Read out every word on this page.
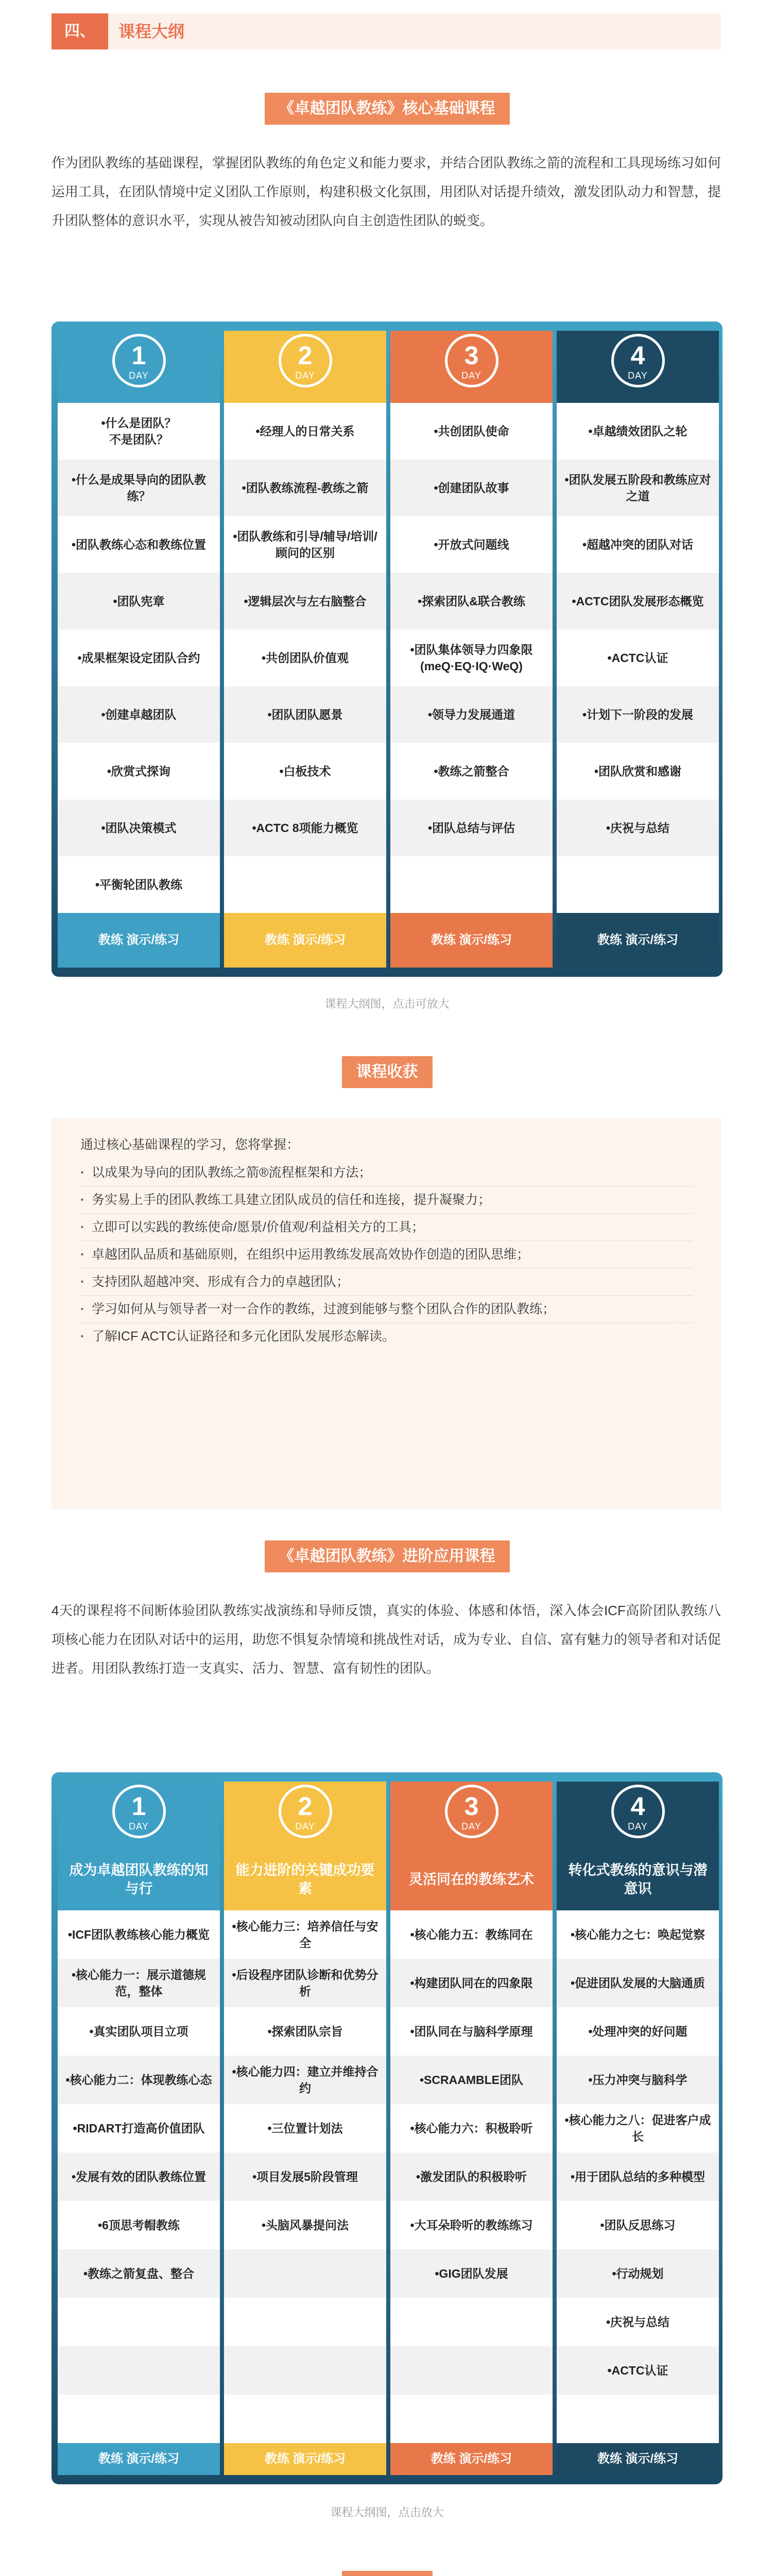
四、	课程大纲
《卓越团队教练》核心基础课程
作为团队教练的基础课程，掌握团队教练的角色定义和能力要求，并结合团队教练之箭的流程和工具现场练习如何运用工具，在团队情境中定义团队工作原则，构建积极文化氛围，用团队对话提升绩效，激发团队动力和智慧，提升团队整体的意识水平，实现从被告知被动团队向自主创造性团队的蜕变。
1
DAY
•什么是团队？
不是团队？
•什么是成果导向的团队教练？
•团队教练心态和教练位置
•团队宪章
•成果框架设定团队合约
•创建卓越团队
•欣赏式探询
•团队决策模式
•平衡轮团队教练
教练 演示/练习
2
DAY
•经理人的日常关系
•团队教练流程-教练之箭
•团队教练和引导/辅导/培训/顾问的区别
•逻辑层次与左右脑整合
•共创团队价值观
•团队团队愿景
•白板技术
•ACTC 8项能力概览
教练 演示/练习
3
DAY
•共创团队使命
•创建团队故事
•开放式问题线
•探索团队&联合教练
•团队集体领导力四象限(meQ·EQ·IQ·WeQ)
•领导力发展通道
•教练之箭整合
•团队总结与评估
教练 演示/练习
4
DAY
•卓越绩效团队之轮
•团队发展五阶段和教练应对之道
•超越冲突的团队对话
•ACTC团队发展形态概览
•ACTC认证
•计划下一阶段的发展
•团队欣赏和感谢
•庆祝与总结
教练 演示/练习
课程大纲图，点击可放大
课程收获
通过核心基础课程的学习，您将掌握：
· 以成果为导向的团队教练之箭®流程框架和方法；
· 务实易上手的团队教练工具建立团队成员的信任和连接，提升凝聚力；
· 立即可以实践的教练使命/愿景/价值观/利益相关方的工具；
· 卓越团队品质和基础原则，在组织中运用教练发展高效协作创造的团队思维；
· 支持团队超越冲突、形成有合力的卓越团队；
· 学习如何从与领导者一对一合作的教练，过渡到能够与整个团队合作的团队教练；
· 了解ICF ACTC认证路径和多元化团队发展形态解读。
《卓越团队教练》进阶应用课程
4天的课程将不间断体验团队教练实战演练和导师反馈，真实的体验、体感和体悟，深入体会ICF高阶团队教练八项核心能力在团队对话中的运用，助您不惧复杂情境和挑战性对话，成为专业、自信、富有魅力的领导者和对话促进者。用团队教练打造一支真实、活力、智慧、富有韧性的团队。
1
DAY
成为卓越团队教练的知与行
•ICF团队教练核心能力概览
•核心能力一：展示道德规范，整体
•真实团队项目立项
•核心能力二：体现教练心态
•RIDART打造高价值团队
•发展有效的团队教练位置
•6顶思考帽教练
•教练之箭复盘、整合
教练 演示/练习
2
DAY
能力进阶的关键成功要素
•核心能力三：培养信任与安全
•后设程序团队诊断和优势分析
•探索团队宗旨
•核心能力四：建立并维持合约
•三位置计划法
•项目发展5阶段管理
•头脑风暴提问法
教练 演示/练习
3
DAY
灵活同在的教练艺术
•核心能力五：教练同在
•构建团队同在的四象限
•团队同在与脑科学原理
•SCRAAMBLE团队
•核心能力六：积极聆听
•激发团队的积极聆听
•大耳朵聆听的教练练习
•GIG团队发展
教练 演示/练习
4
DAY
转化式教练的意识与潜意识
•核心能力之七：唤起觉察
•促进团队发展的大脑通质
•处理冲突的好问题
•压力冲突与脑科学
•核心能力之八：促进客户成长
•用于团队总结的多种模型
•团队反思练习
•行动规划
•庆祝与总结
•ACTC认证
教练 演示/练习
课程大纲图，点击放大
